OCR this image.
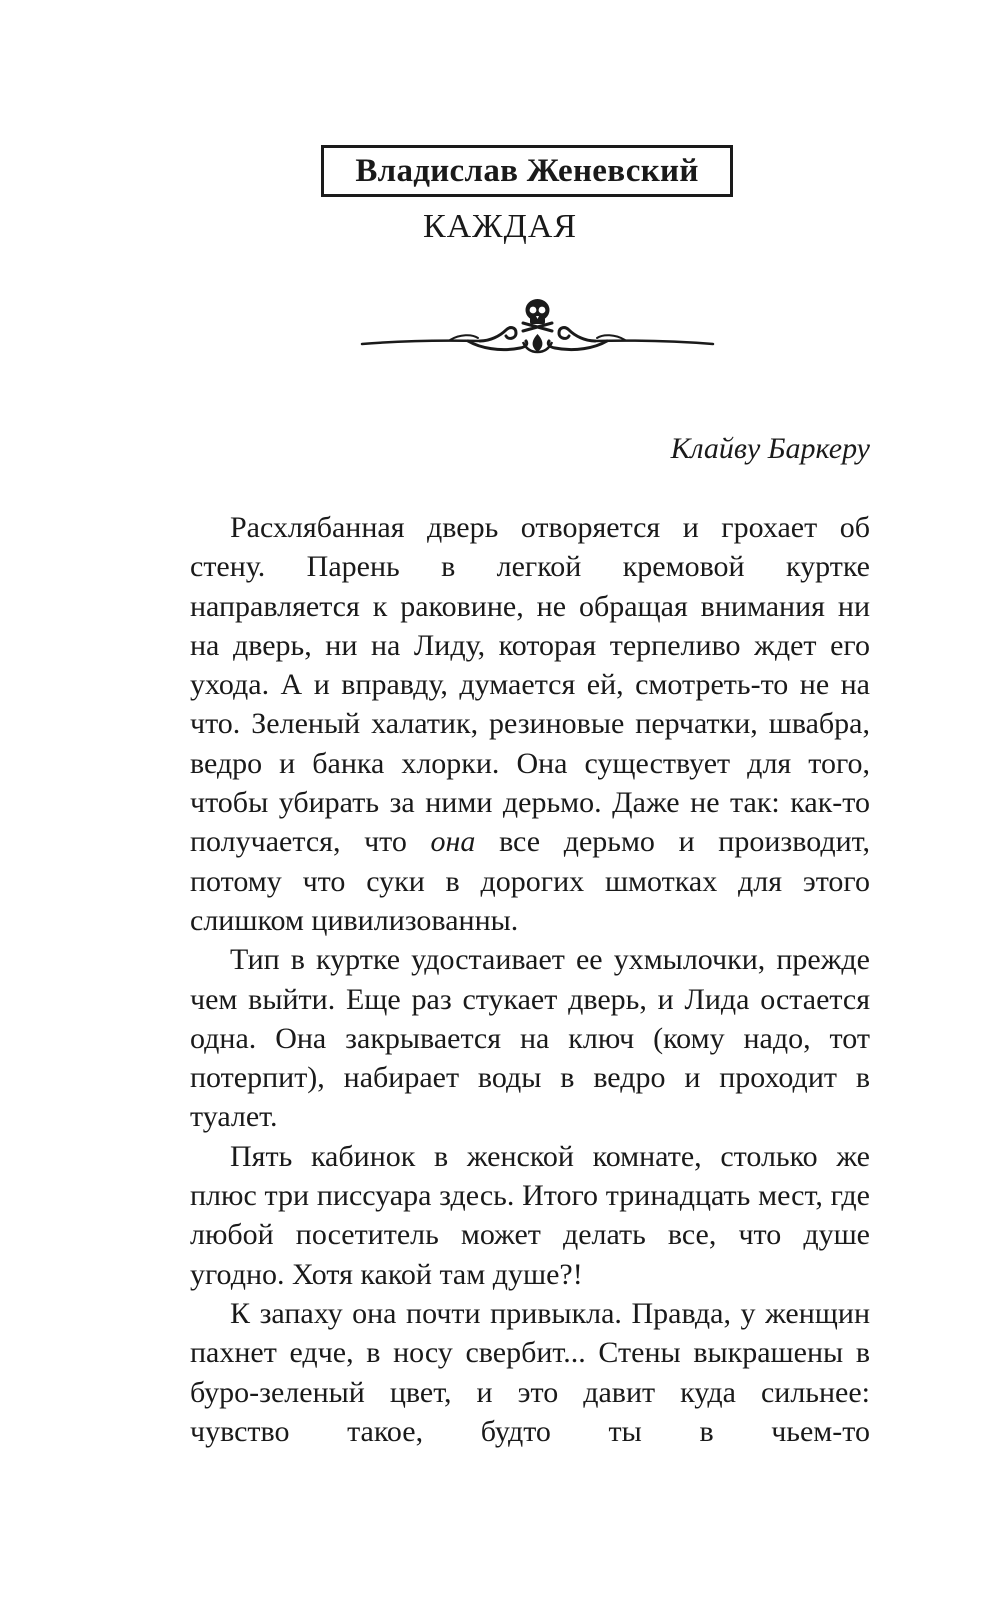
Владислав Женевский
КАЖДАЯ
Клайву Баркеру

Расхлябанная дверь отворяется и грохает об стену. Парень в легкой кремовой куртке направляется к раковине, не обращая внимания ни на дверь, ни на Лиду, которая терпеливо ждет его ухода. А и вправду, думается ей, смотреть-то не на что. Зеленый халатик, резиновые перчатки, швабра, ведро и банка хлорки. Она существует для того, чтобы убирать за ними дерьмо. Даже не так: как-то получается, что она все дерьмо и производит, потому что суки в дорогих шмотках для этого слишком цивилизованны.

Тип в куртке удостаивает ее ухмылочки, прежде чем выйти. Еще раз стукает дверь, и Лида остается одна. Она закрывается на ключ (кому надо, тот потерпит), набирает воды в ведро и проходит в туалет.

Пять кабинок в женской комнате, столько же плюс три писсуара здесь. Итого тринадцать мест, где любой посетитель может делать все, что душе угодно. Хотя какой там душе?!

К запаху она почти привыкла. Правда, у женщин пахнет едче, в носу свербит... Стены выкрашены в буро-зеленый цвет, и это давит куда сильнее: чувство такое, будто ты в чьем-то
